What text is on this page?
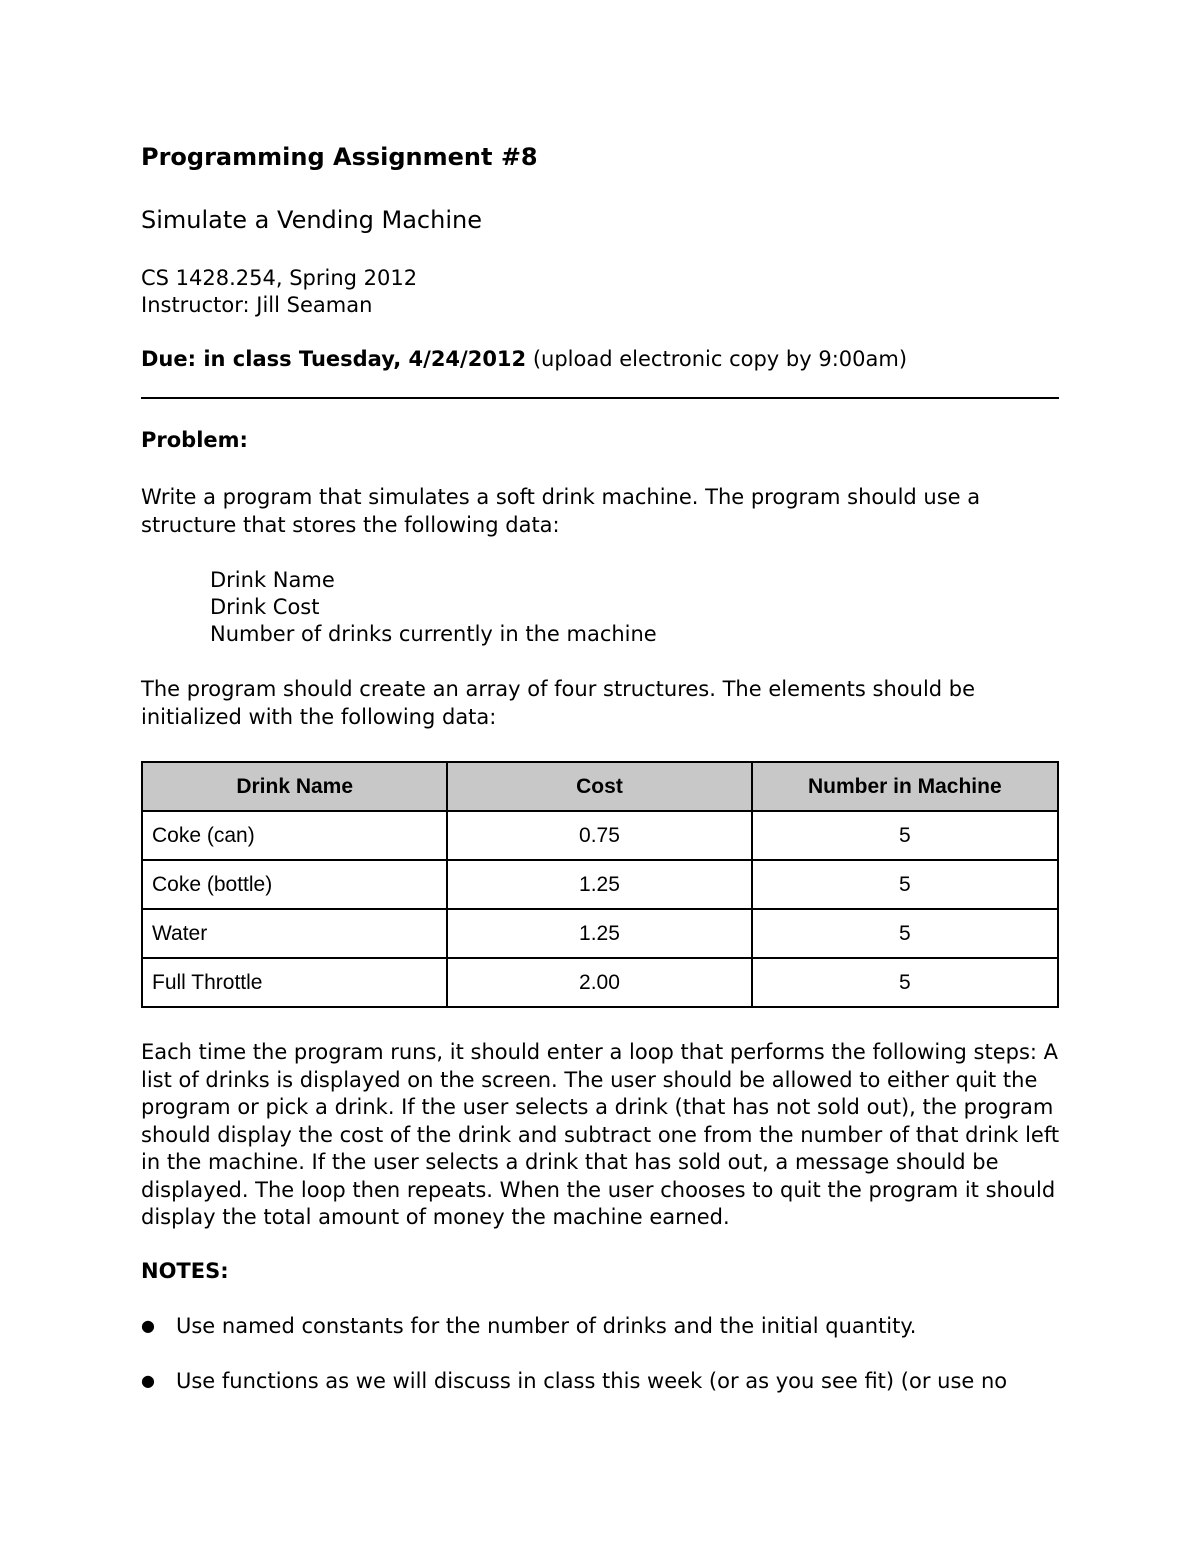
Programming Assignment #8
Simulate a Vending Machine
CS 1428.254, Spring 2012
Instructor: Jill Seaman
Due: in class Tuesday, 4/24/2012 (upload electronic copy by 9:00am)
Problem:
Write a program that simulates a soft drink machine. The program should use a
structure that stores the following data:
Drink Name
Drink Cost
Number of drinks currently in the machine
The program should create an array of four structures. The elements should be
initialized with the following data:
Drink Name	Cost	Number in Machine
Coke (can)	0.75	5
Coke (bottle)	1.25	5
Water	1.25	5
Full Throttle	2.00	5
Each time the program runs, it should enter a loop that performs the following steps: A
list of drinks is displayed on the screen. The user should be allowed to either quit the
program or pick a drink. If the user selects a drink (that has not sold out), the program
should display the cost of the drink and subtract one from the number of that drink left
in the machine. If the user selects a drink that has sold out, a message should be
displayed. The loop then repeats. When the user chooses to quit the program it should
display the total amount of money the machine earned.
NOTES:
● Use named constants for the number of drinks and the initial quantity.
● Use functions as we will discuss in class this week (or as you see fit) (or use no
